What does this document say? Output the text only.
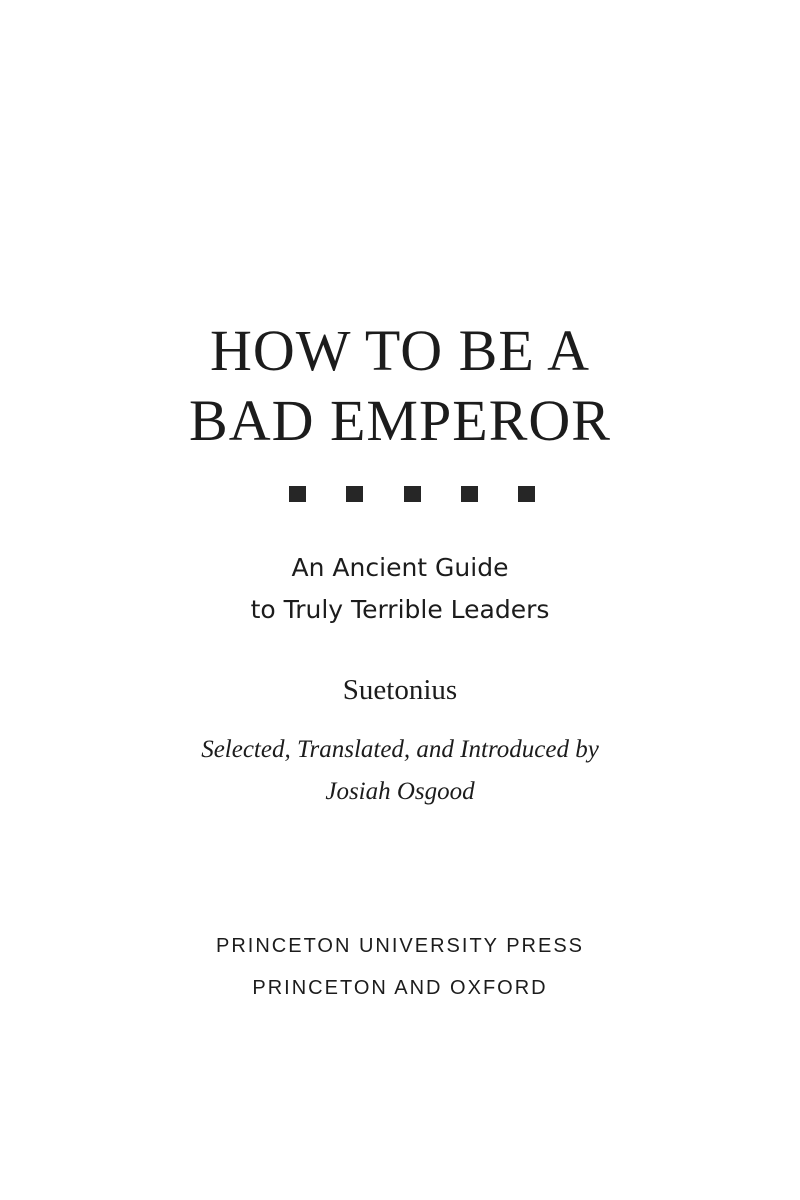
HOW TO BE A
BAD EMPEROR
An Ancient Guide
to Truly Terrible Leaders
Suetonius
Selected, Translated, and Introduced by
Josiah Osgood
PRINCETON UNIVERSITY PRESS
PRINCETON AND OXFORD
